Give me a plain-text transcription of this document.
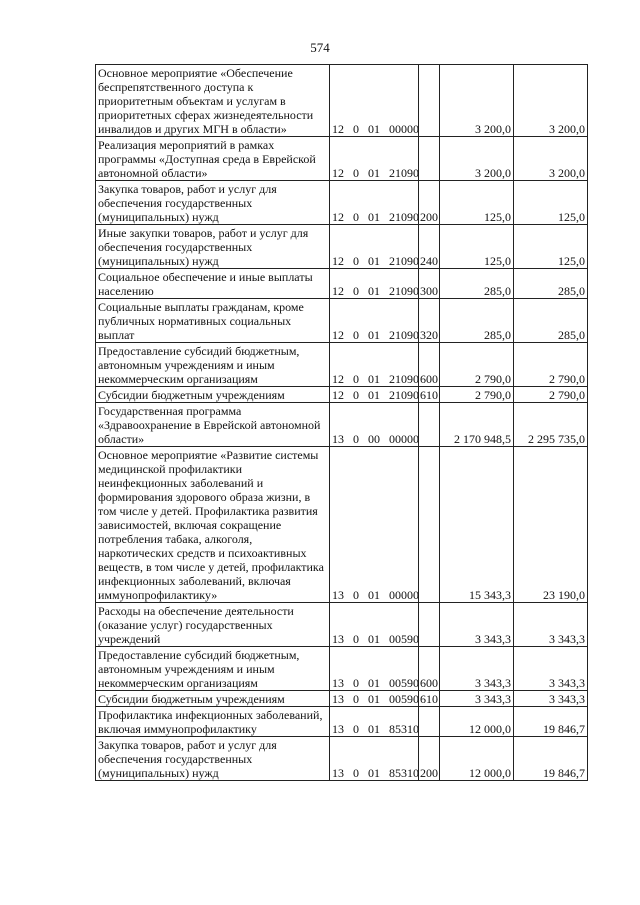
574
Основное мероприятие «Обеспечение беспрепятственного доступа к приоритетным объектам и услугам в приоритетных сферах жизнедеятельности инвалидов и других МГН в области»	12 0 01 00000		3 200,0	3 200,0
Реализация мероприятий в рамках программы «Доступная среда в Еврейской автономной области»	12 0 01 21090		3 200,0	3 200,0
Закупка товаров, работ и услуг для обеспечения государственных (муниципальных) нужд	12 0 01 21090	200	125,0	125,0
Иные закупки товаров, работ и услуг для обеспечения государственных (муниципальных) нужд	12 0 01 21090	240	125,0	125,0
Социальное обеспечение и иные выплаты населению	12 0 01 21090	300	285,0	285,0
Социальные выплаты гражданам, кроме публичных нормативных социальных выплат	12 0 01 21090	320	285,0	285,0
Предоставление субсидий бюджетным, автономным учреждениям и иным некоммерческим организациям	12 0 01 21090	600	2 790,0	2 790,0
Субсидии бюджетным учреждениям	12 0 01 21090	610	2 790,0	2 790,0
Государственная программа «Здравоохранение в Еврейской автономной области»	13 0 00 00000		2 170 948,5	2 295 735,0
Основное мероприятие «Развитие системы медицинской профилактики неинфекционных заболеваний и формирования здорового образа жизни, в том числе у детей. Профилактика развития зависимостей, включая сокращение потребления табака, алкоголя, наркотических средств и психоактивных веществ, в том числе у детей, профилактика инфекционных заболеваний, включая иммунопрофилактику»	13 0 01 00000		15 343,3	23 190,0
Расходы на обеспечение деятельности (оказание услуг) государственных учреждений	13 0 01 00590		3 343,3	3 343,3
Предоставление субсидий бюджетным, автономным учреждениям и иным некоммерческим организациям	13 0 01 00590	600	3 343,3	3 343,3
Субсидии бюджетным учреждениям	13 0 01 00590	610	3 343,3	3 343,3
Профилактика инфекционных заболеваний, включая иммунопрофилактику	13 0 01 85310		12 000,0	19 846,7
Закупка товаров, работ и услуг для обеспечения государственных (муниципальных) нужд	13 0 01 85310	200	12 000,0	19 846,7
